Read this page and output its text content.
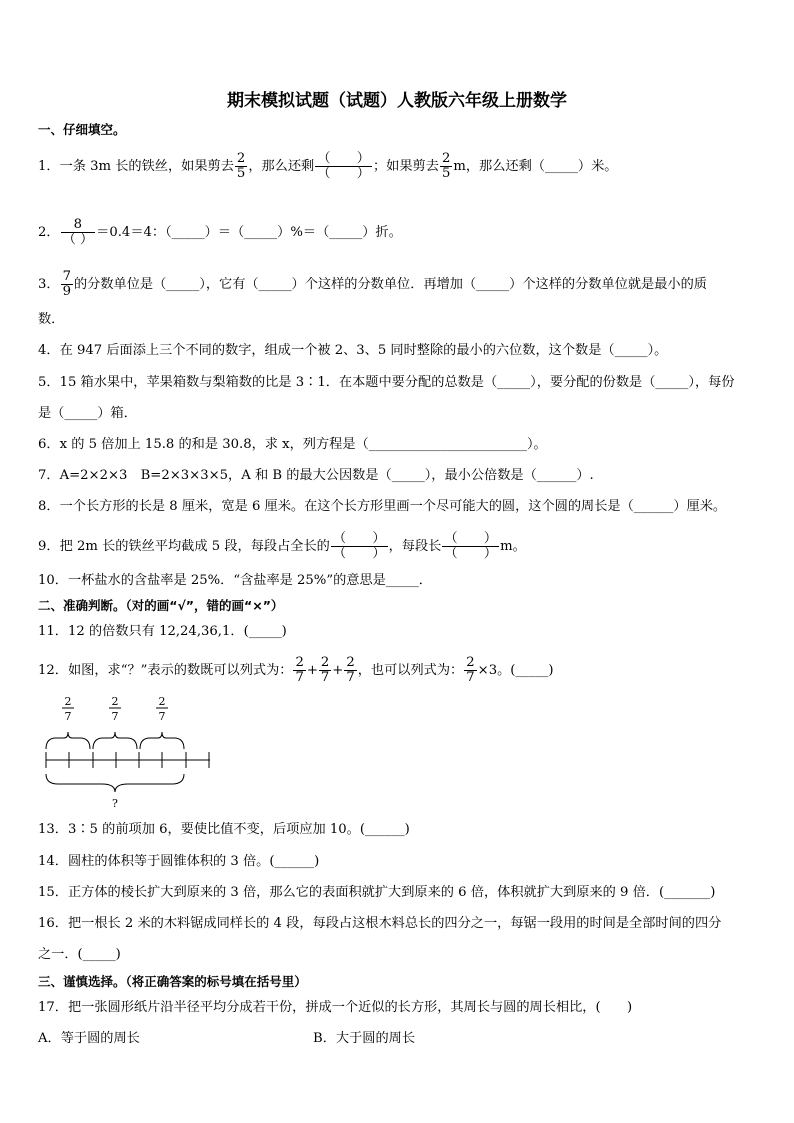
期末模拟试题（试题）人教版六年级上册数学
一、仔细填空。
1．一条 3m 长的铁丝，如果剪去 $\frac{2}{5}$ ，那么还剩
（　　）
（　　） ；如果剪去 $\frac{2}{5}$ m，那么还剩（_____）米。
2．
8
（ ） ＝0.4＝4：（_____）＝（_____）%＝（_____）折。
3． $\frac{7}{9}$ 的分数单位是（_____），它有（_____）个这样的分数单位．再增加（_____）个这样的分数单位就是最小的质
数．
4．在 947 后面添上三个不同的数字，组成一个被 2、3、5 同时整除的最小的六位数，这个数是（_____）。
5．15 箱水果中，苹果箱数与梨箱数的比是 3∶1．在本题中要分配的总数是（_____），要分配的份数是（_____），每份
是（_____）箱．
6．x 的 5 倍加上 15.8 的和是 30.8，求 x，列方程是（________________________）。
7．A=2×2×3　B=2×3×3×5，A 和 B 的最大公因数是（_____），最小公倍数是（______）.
8．一个长方形的长是 8 厘米，宽是 6 厘米。在这个长方形里画一个尽可能大的圆，这个圆的周长是（______）厘米。
9．把 2m 长的铁丝平均截成 5 段，每段占全长的
（　　）
（　　） ，每段长
（　　）
（　　） m。
10．一杯盐水的含盐率是 25%．“含盐率是 25%”的意思是_____．
二、准确判断。（对的画“√”，错的画“×”）
11．12 的倍数只有 12,24,36,1．(_____)
12．如图，求“？”表示的数既可以列式为： $\frac{2}{7} + \frac{2}{7} + \frac{2}{7}$ ，也可以列式为： $\frac{2}{7} \times 3$。(_____)
2
7
2
7
2
7
?
13．3∶5 的前项加 6，要使比值不变，后项应加 10。(______)
14．圆柱的体积等于圆锥体积的 3 倍。(______)
15．正方体的棱长扩大到原来的 3 倍，那么它的表面积就扩大到原来的 6 倍，体积就扩大到原来的 9 倍．(_______)
16．把一根长 2 米的木料锯成同样长的 4 段，每段占这根木料总长的四分之一，每锯一段用的时间是全部时间的四分
之一．(_____)
三、谨慎选择。（将正确答案的标号填在括号里）
17．把一张圆形纸片沿半径平均分成若干份，拼成一个近似的长方形，其周长与圆的周长相比，(　　)
A．等于圆的周长	B．大于圆的周长
